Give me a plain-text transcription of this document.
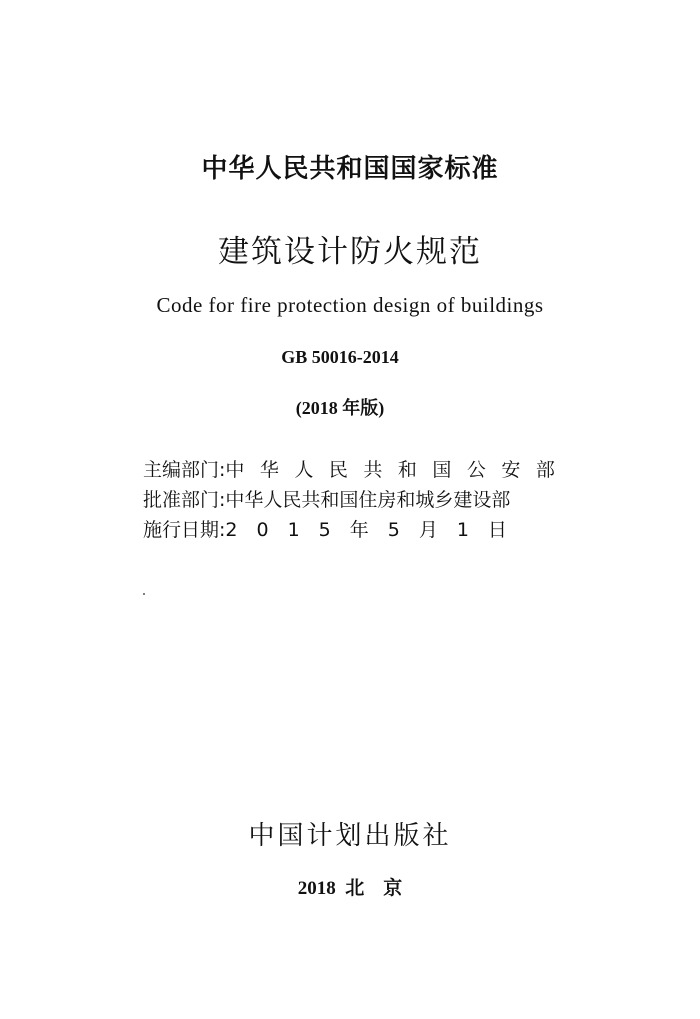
中华人民共和国国家标准
建筑设计防火规范
Code for fire protection design of buildings
GB 50016-2014
(2018 年版)
主编部门: 中华人民共和国公安部
批准部门: 中华人民共和国住房和城乡建设部
施行日期: 2015年5月1日
中国计划出版社
2018  北    京
